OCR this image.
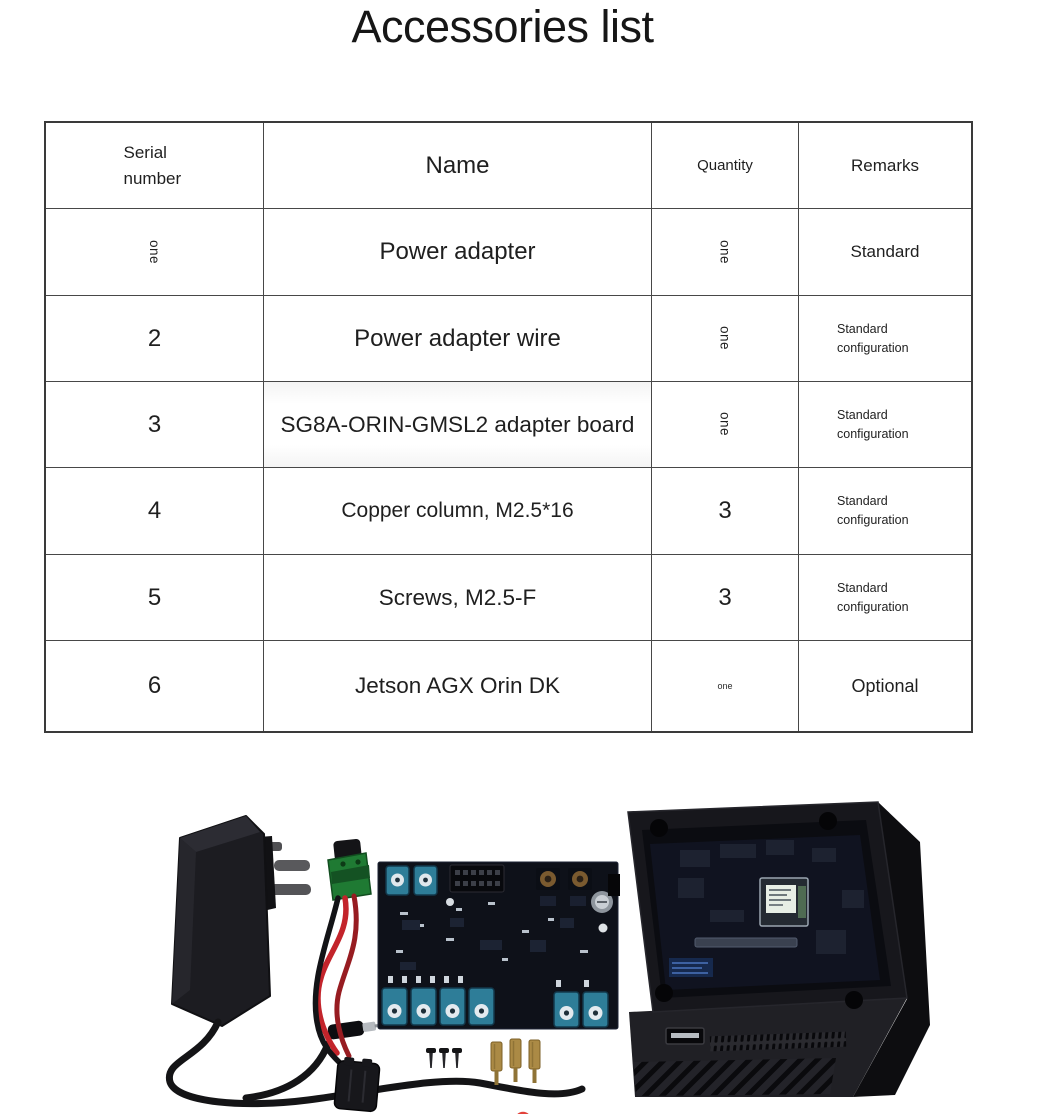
Accessories list
Serial number	Name	Quantity	Remarks
one	Power adapter	one	Standard
2	Power adapter wire	one	Standard configuration
3	SG8A-ORIN-GMSL2 adapter board	one	Standard configuration
4	Copper column, M2.5*16	3	Standard configuration
5	Screws, M2.5-F	3	Standard configuration
6	Jetson AGX Orin DK	one	Optional
